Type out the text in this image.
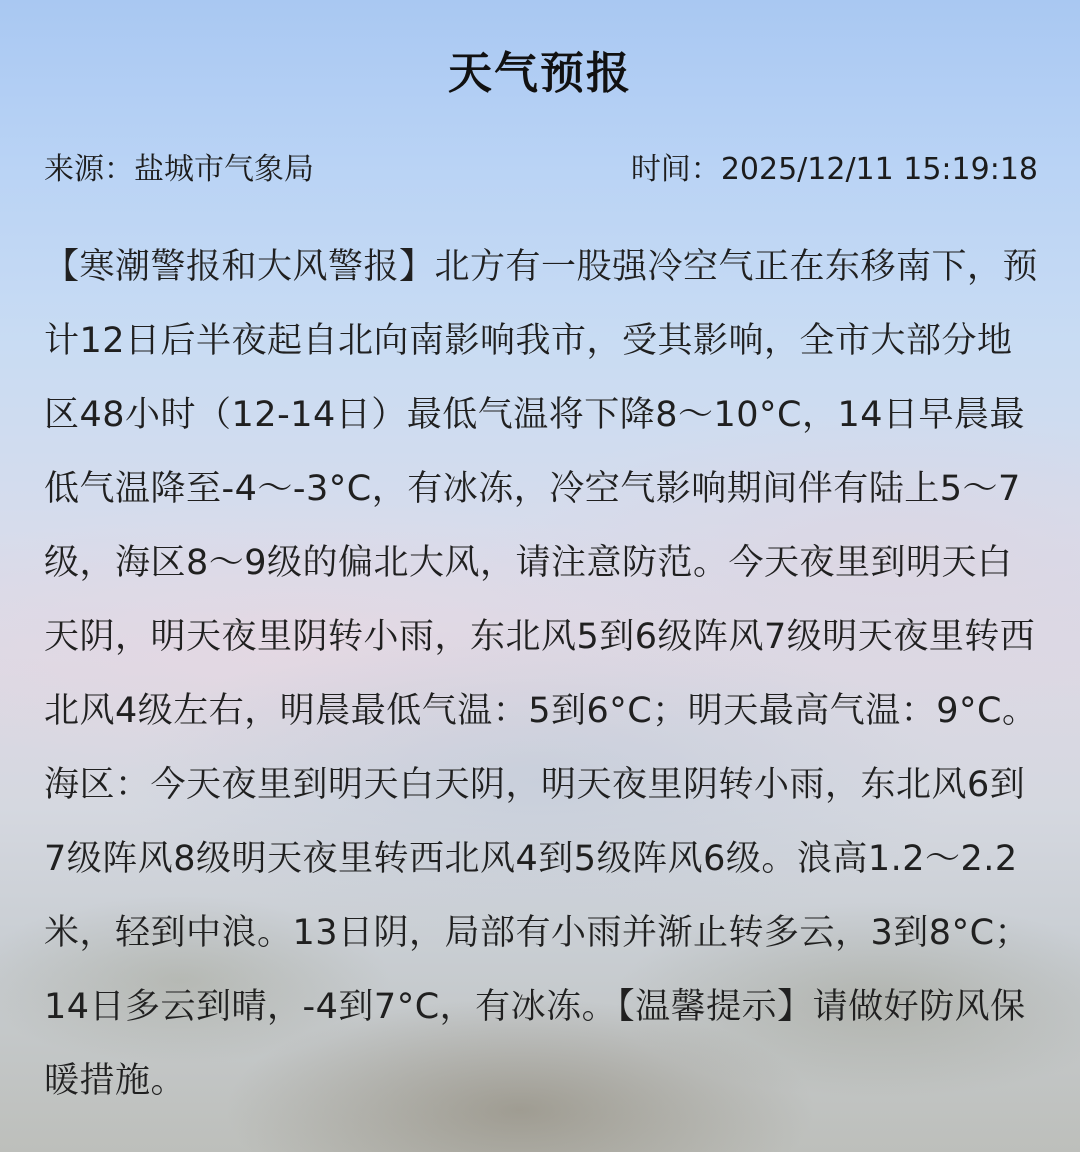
天气预报
来源：盐城市气象局	时间：2025/12/11 15:19:18
【寒潮警报和大风警报】北方有一股强冷空气正在东移南下，预计12日后半夜起自北向南影响我市，受其影响，全市大部分地区48小时（12-14日）最低气温将下降8～10°C，14日早晨最低气温降至-4～-3°C，有冰冻，冷空气影响期间伴有陆上5～7级，海区8～9级的偏北大风，请注意防范。今天夜里到明天白天阴，明天夜里阴转小雨，东北风5到6级阵风7级明天夜里转西北风4级左右，明晨最低气温：5到6°C；明天最高气温：9°C。海区：今天夜里到明天白天阴，明天夜里阴转小雨，东北风6到7级阵风8级明天夜里转西北风4到5级阵风6级。浪高1.2～2.2米，轻到中浪。13日阴，局部有小雨并渐止转多云，3到8°C；14日多云到晴，-4到7°C，有冰冻。【温馨提示】请做好防风保暖措施。
